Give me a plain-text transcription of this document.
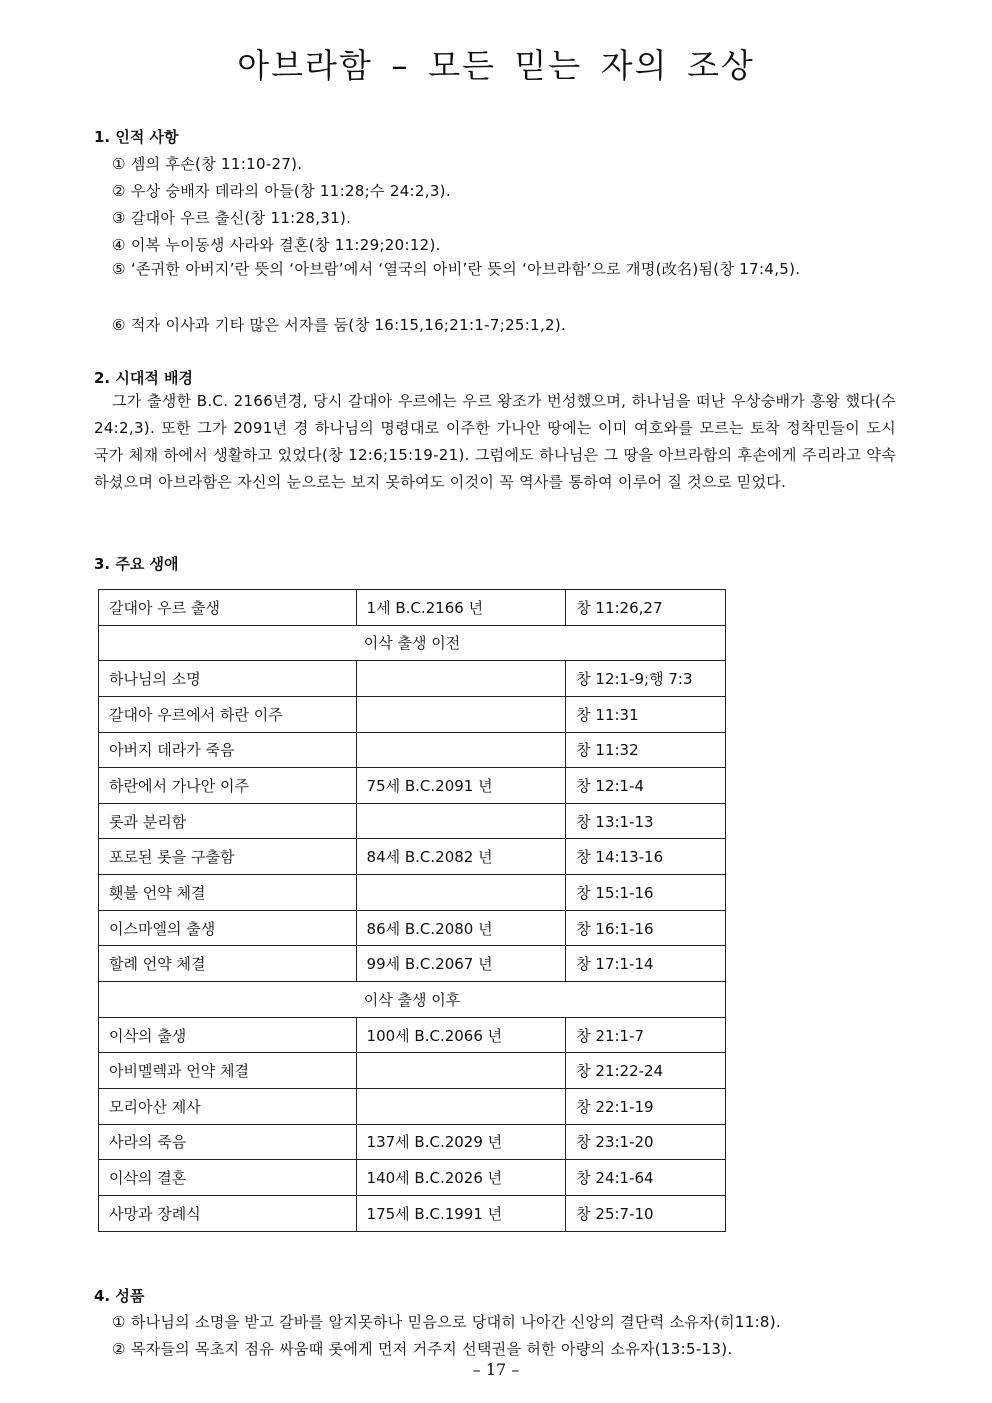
아브라함 – 모든 믿는 자의 조상
1. 인적 사항

① 셈의 후손(창 11:10-27).

② 우상 숭배자 데라의 아들(창 11:28;수 24:2,3).

③ 갈대아 우르 출신(창 11:28,31).

④ 이복 누이동생 사라와 결혼(창 11:29;20:12).

⑤ ‘존귀한 아버지’란 뜻의 ‘아브람’에서 ‘열국의 아비’란 뜻의 ‘아브라함’으로 개명(改名)됨(창 17:4,5).

⑥ 적자 이사과 기타 많은 서자를 둠(창 16:15,16;21:1-7;25:1,2).

2. 시대적 배경

그가 출생한 B.C. 2166년경, 당시 갈대아 우르에는 우르 왕조가 번성했으며, 하나님을 떠난 우상숭배가 흥왕 했다(수24:2,3). 또한 그가 2091년 경 하나님의 명령대로 이주한 가나안 땅에는 이미 여호와를 모르는 토착 정착민들이 도시 국가 체재 하에서 생활하고 있었다(창 12:6;15:19-21). 그럼에도 하나님은 그 땅을 아브라함의 후손에게 주리라고 약속하셨으며 아브라함은 자신의 눈으로는 보지 못하여도 이것이 꼭 역사를 통하여 이루어 질 것으로 믿었다.

3. 주요 생애
갈대아 우르 출생	1세 B.C.2166 년	창 11:26,27
이삭 출생 이전		
하나님의 소명		창 12:1-9;행 7:3
갈대아 우르에서 하란 이주		창 11:31
아버지 데라가 죽음		창 11:32
하란에서 가나안 이주	75세 B.C.2091 년	창 12:1-4
롯과 분리함		창 13:1-13
포로된 롯을 구출함	84세 B.C.2082 년	창 14:13-16
횃불 언약 체결		창 15:1-16
이스마엘의 출생	86세 B.C.2080 년	창 16:1-16
할례 언약 체결	99세 B.C.2067 년	창 17:1-14
이삭 출생 이후		
이삭의 출생	100세 B.C.2066 년	창 21:1-7
아비멜렉과 언약 체결		창 21:22-24
모리아산 제사		창 22:1-19
사라의 죽음	137세 B.C.2029 년	창 23:1-20
이삭의 결혼	140세 B.C.2026 년	창 24:1-64
사망과 장례식	175세 B.C.1991 년	창 25:7-10
4. 성품

① 하나님의 소명을 받고 갈바를 알지못하나 믿음으로 당대히 나아간 신앙의 결단력 소유자(히11:8).

② 목자들의 목초지 점유 싸움때 롯에게 먼저 거주지 선택권을 허한 아량의 소유자(13:5-13).

– 17 –
